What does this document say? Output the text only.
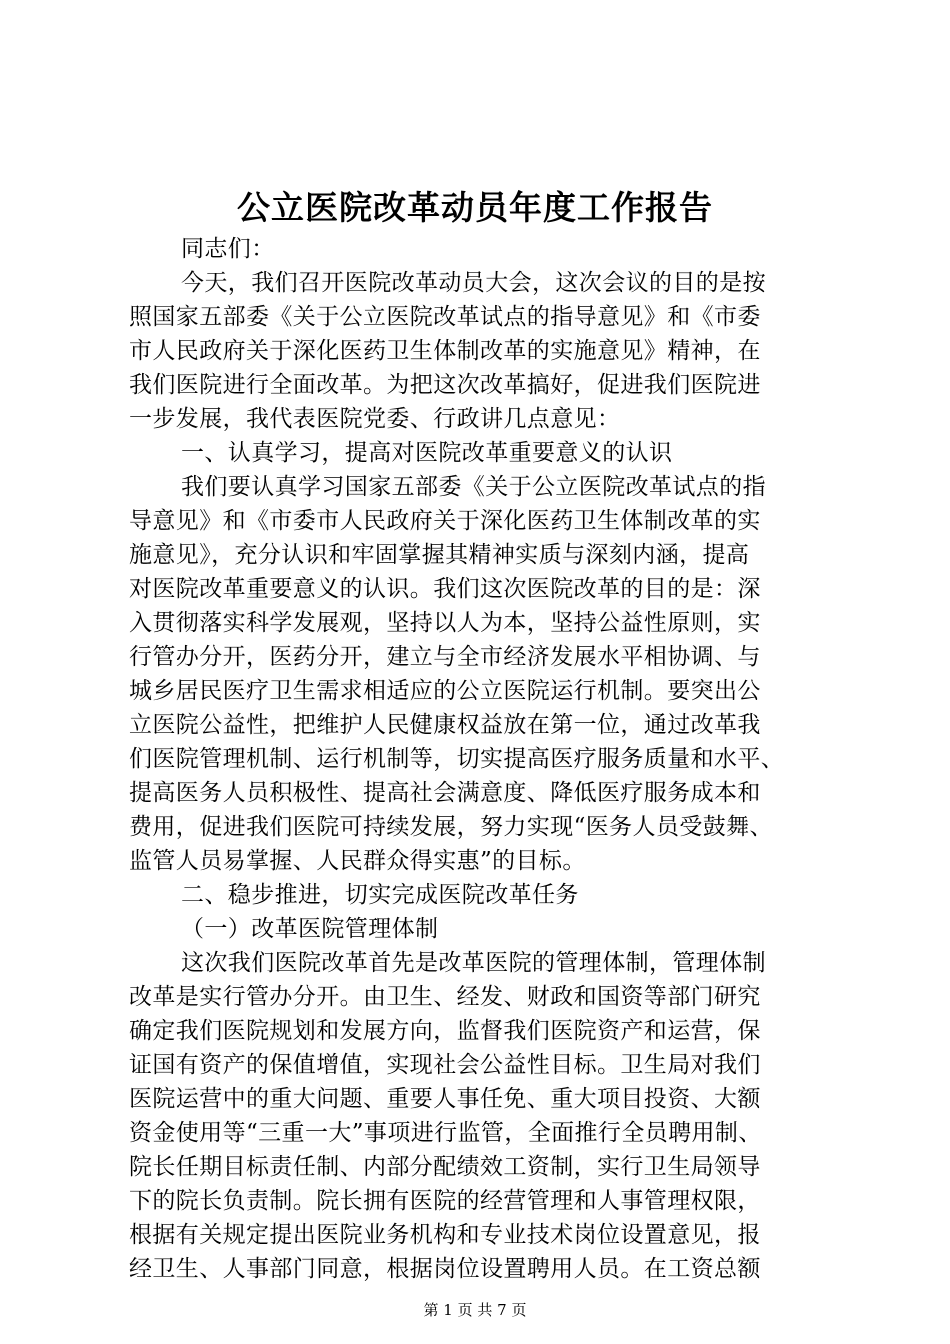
公立医院改革动员年度工作报告
同志们：
今天，我们召开医院改革动员大会，这次会议的目的是按
照国家五部委《关于公立医院改革试点的指导意见》和《市委
市人民政府关于深化医药卫生体制改革的实施意见》精神，在
我们医院进行全面改革。为把这次改革搞好，促进我们医院进
一步发展，我代表医院党委、行政讲几点意见：
一、认真学习，提高对医院改革重要意义的认识
我们要认真学习国家五部委《关于公立医院改革试点的指
导意见》和《市委市人民政府关于深化医药卫生体制改革的实
施意见》，充分认识和牢固掌握其精神实质与深刻内涵，提高
对医院改革重要意义的认识。我们这次医院改革的目的是：深
入贯彻落实科学发展观，坚持以人为本，坚持公益性原则，实
行管办分开，医药分开，建立与全市经济发展水平相协调、与
城乡居民医疗卫生需求相适应的公立医院运行机制。要突出公
立医院公益性，把维护人民健康权益放在第一位，通过改革我
们医院管理机制、运行机制等，切实提高医疗服务质量和水平、
提高医务人员积极性、提高社会满意度、降低医疗服务成本和
费用，促进我们医院可持续发展，努力实现“医务人员受鼓舞、
监管人员易掌握、人民群众得实惠”的目标。
二、稳步推进，切实完成医院改革任务
（一）改革医院管理体制
这次我们医院改革首先是改革医院的管理体制，管理体制
改革是实行管办分开。由卫生、经发、财政和国资等部门研究
确定我们医院规划和发展方向，监督我们医院资产和运营，保
证国有资产的保值增值，实现社会公益性目标。卫生局对我们
医院运营中的重大问题、重要人事任免、重大项目投资、大额
资金使用等“三重一大”事项进行监管，全面推行全员聘用制、
院长任期目标责任制、内部分配绩效工资制，实行卫生局领导
下的院长负责制。院长拥有医院的经营管理和人事管理权限，
根据有关规定提出医院业务机构和专业技术岗位设置意见，报
经卫生、人事部门同意，根据岗位设置聘用人员。在工资总额
第 1 页 共 7 页
